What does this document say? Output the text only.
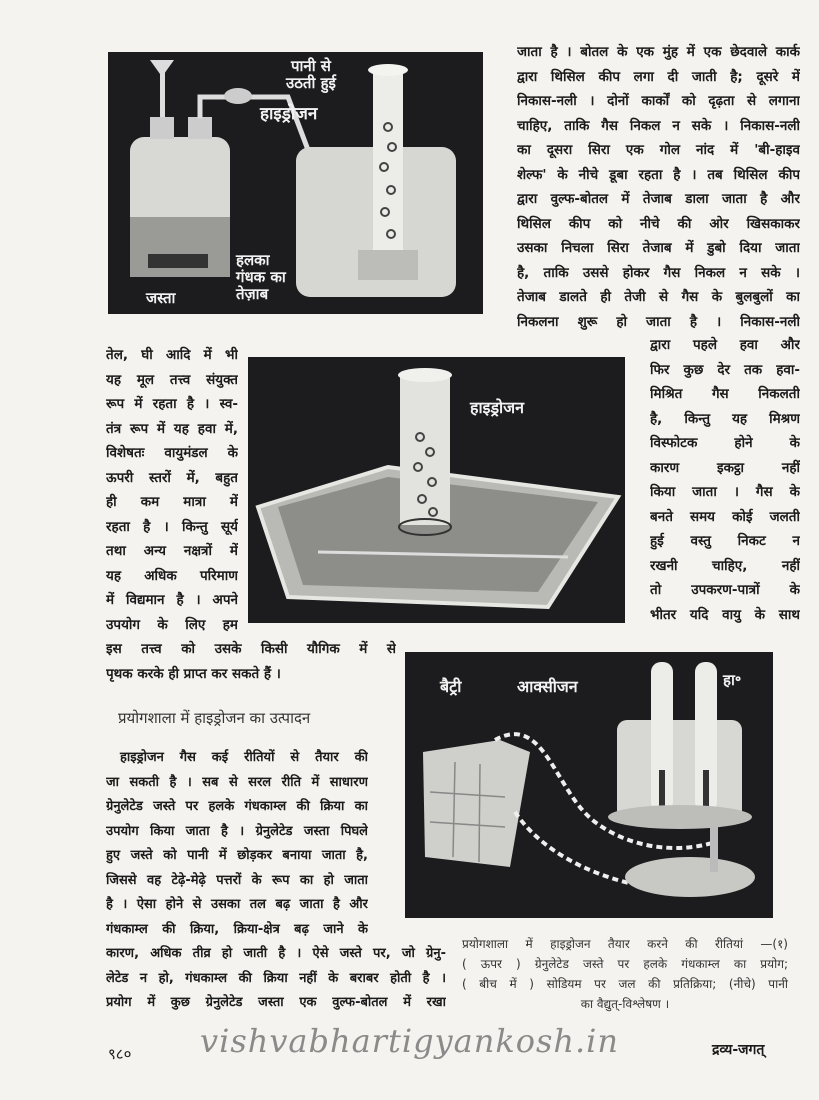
पानी से
उठती हुई
हाइड्रोजन
जस्ता
हलका
गंधक का
तेज़ाब
जाता है । बोतल के एक मुंह में एक छेदवाले कार्क
द्वारा थिसिल कीप लगा दी जाती है; दूसरे में
निकास-नली । दोनों कार्कों को दृढ़ता से लगाना
चाहिए, ताकि गैस निकल न सके । निकास-नली
का दूसरा सिरा एक गोल नांद में 'बी-हाइव
शेल्फ' के नीचे डूबा रहता है । तब थिसिल कीप
द्वारा वुल्फ-बोतल में तेजाब डाला जाता है और
थिसिल कीप को नीचे की ओर खिसकाकर
उसका निचला सिरा तेजाब में डुबो दिया जाता
है, ताकि उससे होकर गैस निकल न सके ।
तेजाब डालते ही तेजी से गैस के बुलबुलों का
निकलना शुरू हो जाता है । निकास-नली
द्वारा पहले हवा और
फिर कुछ देर तक हवा-
मिश्रित गैस निकलती
है, किन्तु यह मिश्रण
विस्फोटक होने के
कारण इकट्ठा नहीं
किया जाता । गैस के
बनते समय कोई जलती
हुई वस्तु निकट न
रखनी चाहिए, नहीं
तो उपकरण-पात्रों के
भीतर यदि वायु के साथ
हाइड्रोजन
तेल, घी आदि में भी
यह मूल तत्त्व संयुक्त
रूप में रहता है । स्व-
तंत्र रूप में यह हवा में,
विशेषतः वायुमंडल के
ऊपरी स्तरों में, बहुत
ही कम मात्रा में
रहता है । किन्तु सूर्य
तथा अन्य नक्षत्रों में
यह अधिक परिमाण
में विद्यमान है । अपने
उपयोग के लिए हम
इस तत्त्व को उसके किसी यौगिक में से
पृथक करके ही प्राप्त कर सकते हैं ।
प्रयोगशाला में हाइड्रोजन का उत्पादन
हाइड्रोजन गैस कई रीतियों से तैयार की
जा सकती है । सब से सरल रीति में साधारण
ग्रेनुलेटेड जस्ते पर हलके गंधकाम्ल की क्रिया का
उपयोग किया जाता है । ग्रेनुलेटेड जस्ता पिघले
हुए जस्ते को पानी में छोड़कर बनाया जाता है,
जिससे वह टेढ़े-मेढ़े पत्तरों के रूप का हो जाता
है । ऐसा होने से उसका तल बढ़ जाता है और
गंधकाम्ल की क्रिया, क्रिया-क्षेत्र बढ़ जाने के
कारण, अधिक तीव्र हो जाती है । ऐसे जस्ते पर, जो ग्रेनु-
लेटेड न हो, गंधकाम्ल की क्रिया नहीं के बराबर होती है ।
प्रयोग में कुछ ग्रेनुलेटेड जस्ता एक वुल्फ-बोतल में रखा
बैट्री	आक्सीजन	हा॰
प्रयोगशाला में हाइड्रोजन तैयार करने की रीतियां —(१)
( ऊपर ) ग्रेनुलेटेड जस्ते पर हलके गंधकाम्ल का प्रयोग;
( बीच में ) सोडियम पर जल की प्रतिक्रिया; (नीचे) पानी
का वैद्युत्-विश्लेषण ।
vishvabhartigyankosh.in
९८०	द्रव्य-जगत्
